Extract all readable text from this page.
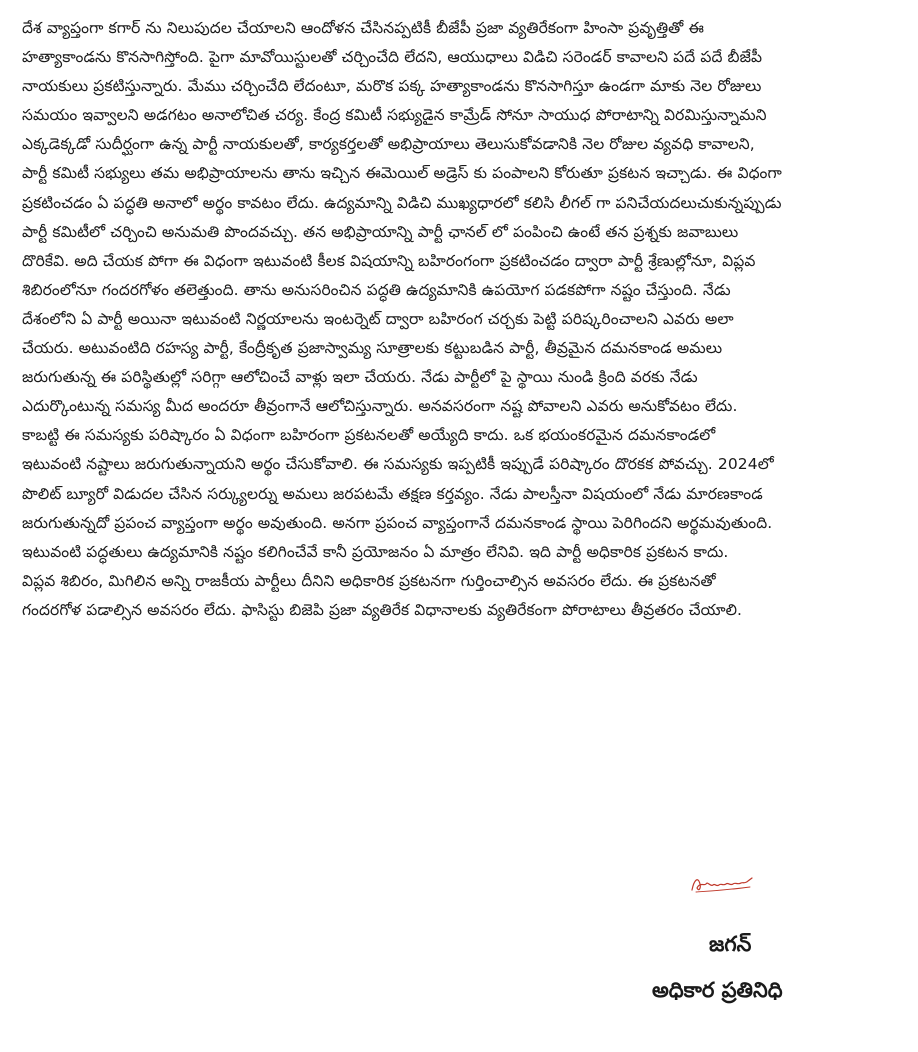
దేశ వ్యాప్తంగా కగార్ ను నిలుపుదల చేయాలని ఆందోళన చేసినప్పటికీ బీజేపీ ప్రజా వ్యతిరేకంగా హింసా ప్రవృత్తితో ఈ
హత్యాకాండను కొనసాగిస్తోంది. పైగా మావోయిస్టులతో చర్చించేది లేదని, ఆయుధాలు విడిచి సరెండర్ కావాలని పదే పదే బీజేపీ
నాయకులు ప్రకటిస్తున్నారు. మేము చర్చించేది లేదంటూ, మరొక పక్క హత్యాకాండను కొనసాగిస్తూ ఉండగా మాకు నెల రోజులు
సమయం ఇవ్వాలని అడగటం అనాలోచిత చర్య. కేంద్ర కమిటీ సభ్యుడైన కామ్రేడ్ సోనూ సాయుధ పోరాటాన్ని విరమిస్తున్నామని
ఎక్కడెక్కడో సుదీర్ఘంగా ఉన్న పార్టీ నాయకులతో, కార్యకర్తలతో అభిప్రాయాలు తెలుసుకోవడానికి నెల రోజుల వ్యవధి కావాలని,
పార్టీ కమిటీ సభ్యులు తమ అభిప్రాయాలను తాను ఇచ్చిన ఈమెయిల్ అడ్రెస్ కు పంపాలని కోరుతూ ప్రకటన ఇచ్చాడు. ఈ విధంగా
ప్రకటించడం ఏ పద్ధతి అనాలో అర్థం కావటం లేదు. ఉద్యమాన్ని విడిచి ముఖ్యధారలో కలిసి లీగల్ గా పనిచేయదలుచుకున్నప్పుడు
పార్టీ కమిటీలో చర్చించి అనుమతి పొందవచ్చు. తన అభిప్రాయాన్ని పార్టీ ఛానల్ లో పంపించి ఉంటే తన ప్రశ్నకు జవాబులు
దొరికేవి. అది చేయక పోగా ఈ విధంగా ఇటువంటి కీలక విషయాన్ని బహిరంగంగా ప్రకటించడం ద్వారా పార్టీ శ్రేణుల్లోనూ, విప్లవ
శిబిరంలోనూ గందరగోళం తలెత్తుంది. తాను అనుసరించిన పద్ధతి ఉద్యమానికి ఉపయోగ పడకపోగా నష్టం చేస్తుంది. నేడు
దేశంలోని ఏ పార్టీ అయినా ఇటువంటి నిర్ణయాలను ఇంటర్నెట్ ద్వారా బహిరంగ చర్చకు పెట్టి పరిష్కరించాలని ఎవరు అలా
చేయరు. అటువంటిది రహస్య పార్టీ, కేంద్రీకృత ప్రజాస్వామ్య సూత్రాలకు కట్టుబడిన పార్టీ, తీవ్రమైన దమనకాండ అమలు
జరుగుతున్న ఈ పరిస్థితుల్లో సరిగ్గా ఆలోచించే వాళ్లు ఇలా చేయరు. నేడు పార్టీలో పై స్థాయి నుండి క్రింది వరకు నేడు
ఎదుర్కొంటున్న సమస్య మీద అందరూ తీవ్రంగానే ఆలోచిస్తున్నారు. అనవసరంగా నష్ట పోవాలని ఎవరు అనుకోవటం లేదు.
కాబట్టి ఈ సమస్యకు పరిష్కారం ఏ విధంగా బహిరంగా ప్రకటనలతో అయ్యేది కాదు. ఒక భయంకరమైన దమనకాండలో
ఇటువంటి నష్టాలు జరుగుతున్నాయని అర్థం చేసుకోవాలి. ఈ సమస్యకు ఇప్పటికీ ఇప్పుడే పరిష్కారం దొరకక పోవచ్చు. 2024లో
పొలిట్ బ్యూరో విడుదల చేసిన సర్క్యులర్ను అమలు జరపటమే తక్షణ కర్తవ్యం. నేడు పాలస్తీనా విషయంలో నేడు మారణకాండ
జరుగుతున్నదో ప్రపంచ వ్యాప్తంగా అర్థం అవుతుంది. అనగా ప్రపంచ వ్యాప్తంగానే దమనకాండ స్థాయి పెరిగిందని అర్థమవుతుంది.
ఇటువంటి పద్ధతులు ఉద్యమానికి నష్టం కలిగించేవే కానీ ప్రయోజనం ఏ మాత్రం లేనివి. ఇది పార్టీ అధికారిక ప్రకటన కాదు.
విప్లవ శిబిరం, మిగిలిన అన్ని రాజకీయ పార్టీలు దీనిని అధికారిక ప్రకటనగా గుర్తించాల్సిన అవసరం లేదు. ఈ ప్రకటనతో
గందరగోళ పడాల్సిన అవసరం లేదు. ఫాసిస్టు బిజెపి ప్రజా వ్యతిరేక విధానాలకు వ్యతిరేకంగా పోరాటాలు తీవ్రతరం చేయాలి.
జగన్
అధికార ప్రతినిధి
